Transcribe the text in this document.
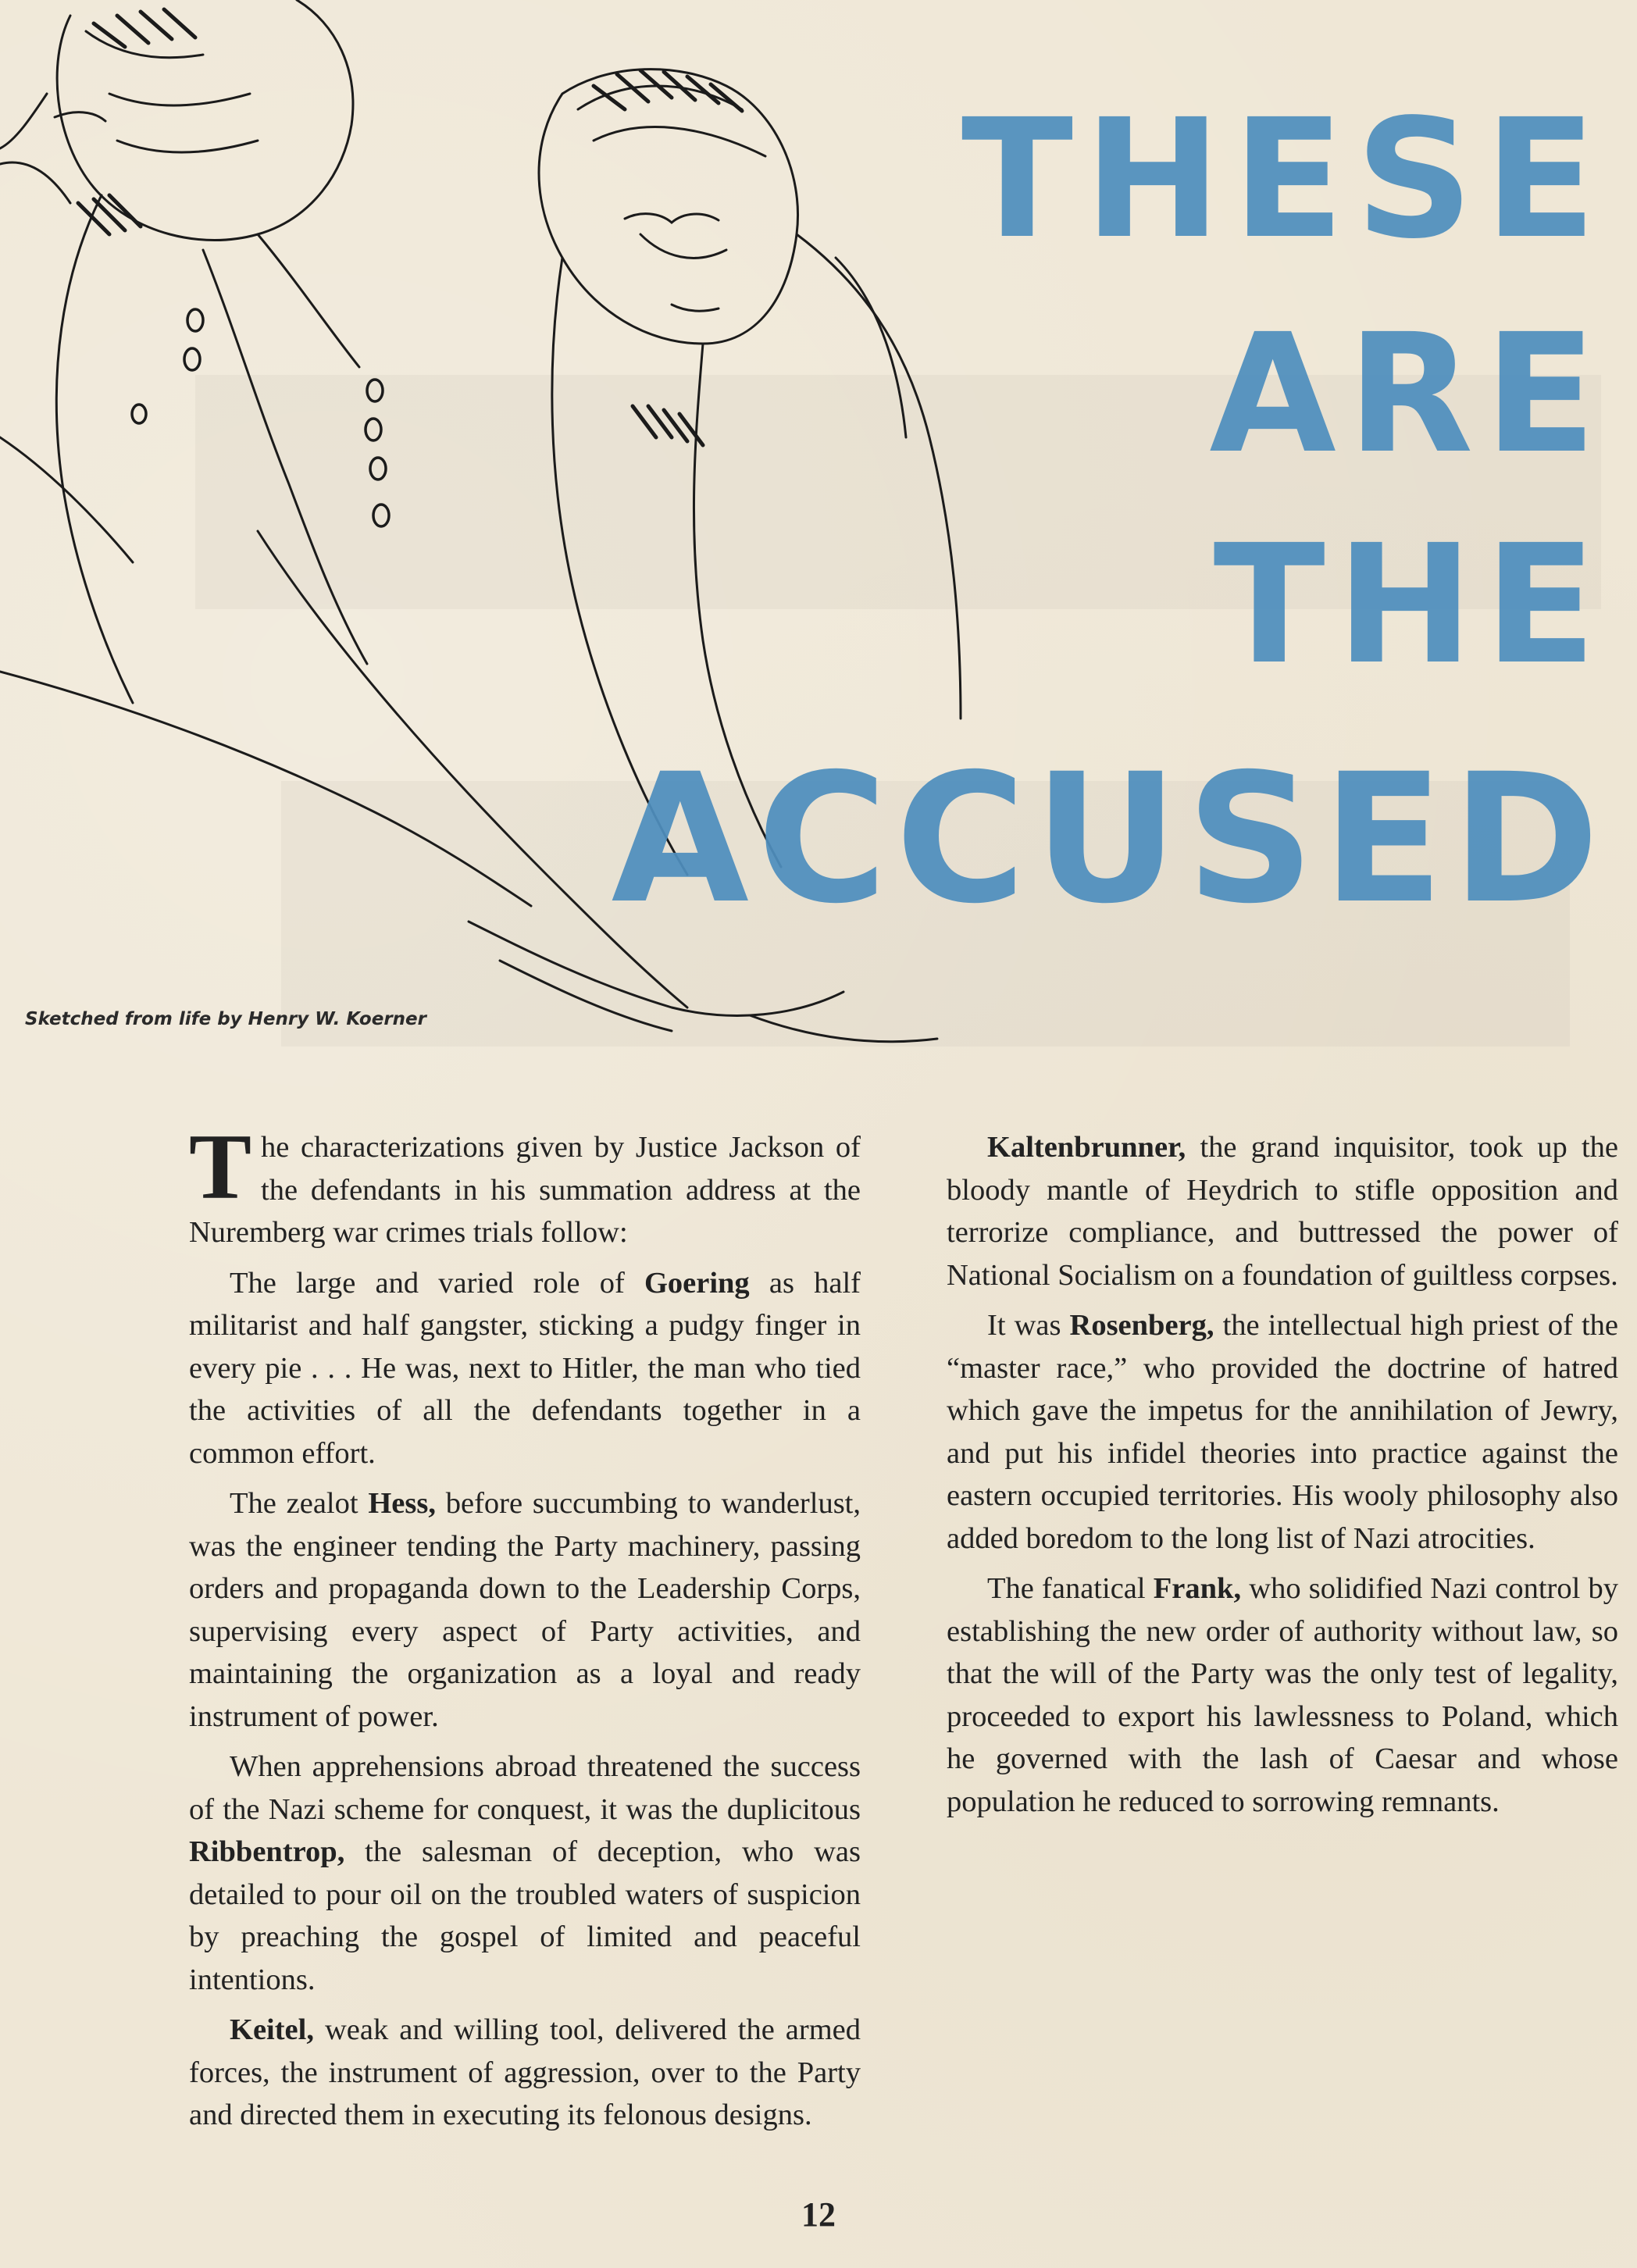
THESE
ARE
THE
ACCUSED
Sketched from life by Henry W. Koerner

The characterizations given by Justice Jackson of the defendants in his summation address at the Nuremberg war crimes trials follow:

The large and varied role of Goering as half militarist and half gangster, sticking a pudgy finger in every pie . . . He was, next to Hitler, the man who tied the activities of all the defendants together in a common effort.

The zealot Hess, before succumbing to wanderlust, was the engineer tending the Party machinery, passing orders and propaganda down to the Leadership Corps, supervising every aspect of Party activities, and maintaining the organization as a loyal and ready instrument of power.

When apprehensions abroad threatened the success of the Nazi scheme for conquest, it was the duplicitous Ribbentrop, the salesman of deception, who was detailed to pour oil on the troubled waters of suspicion by preaching the gospel of limited and peaceful intentions.

Keitel, weak and willing tool, delivered the armed forces, the instrument of aggression, over to the Party and directed them in executing its felonous designs.

Kaltenbrunner, the grand inquisitor, took up the bloody mantle of Heydrich to stifle opposition and terrorize compliance, and buttressed the power of National Socialism on a foundation of guiltless corpses.

It was Rosenberg, the intellectual high priest of the “master race,” who provided the doctrine of hatred which gave the impetus for the annihilation of Jewry, and put his infidel theories into practice against the eastern occupied territories. His wooly philosophy also added boredom to the long list of Nazi atrocities.

The fanatical Frank, who solidified Nazi control by establishing the new order of authority without law, so that the will of the Party was the only test of legality, proceeded to export his lawlessness to Poland, which he governed with the lash of Caesar and whose population he reduced to sorrowing remnants.

12
